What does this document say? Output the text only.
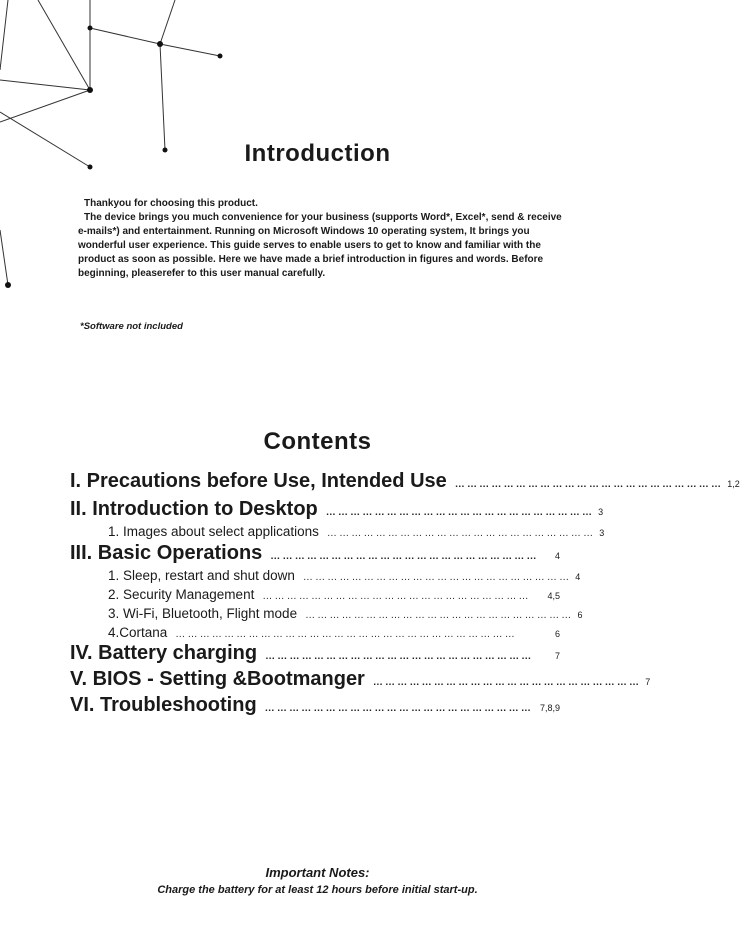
Introduction

Thankyou for choosing this product.

The device brings you much convenience for your business (supports Word*, Excel*, send & receive e-mails*) and entertainment. Running on Microsoft Windows 10 operating system, It brings you wonderful user experience. This guide serves to enable users to get to know and familiar with the product as soon as possible. Here we have made a brief introduction in figures and words. Before beginning, pleaserefer to this user manual carefully.

*Software not included
Contents
I. Precautions before Use, Intended Use ………………………………………………………… 1,2
II. Introduction to Desktop ………………………………………………………… 3
1. Images about select applications ………………………………………………………… 3
III. Basic Operations …………………………………………………………	4
1. Sleep, restart and shut down ………………………………………………………… 4
2. Security Management …………………………………………………………	4,5
3. Wi-Fi, Bluetooth, Flight mode ………………………………………………………… 6
4.Cortana …………………………………………………………………………	6
IV. Battery charging …………………………………………………………	7
V. BIOS - Setting &Bootmanger ………………………………………………………… 7
VI. Troubleshooting ………………………………………………………… 7,8,9
Important Notes:
Charge the battery for at least 12 hours before initial start-up.
